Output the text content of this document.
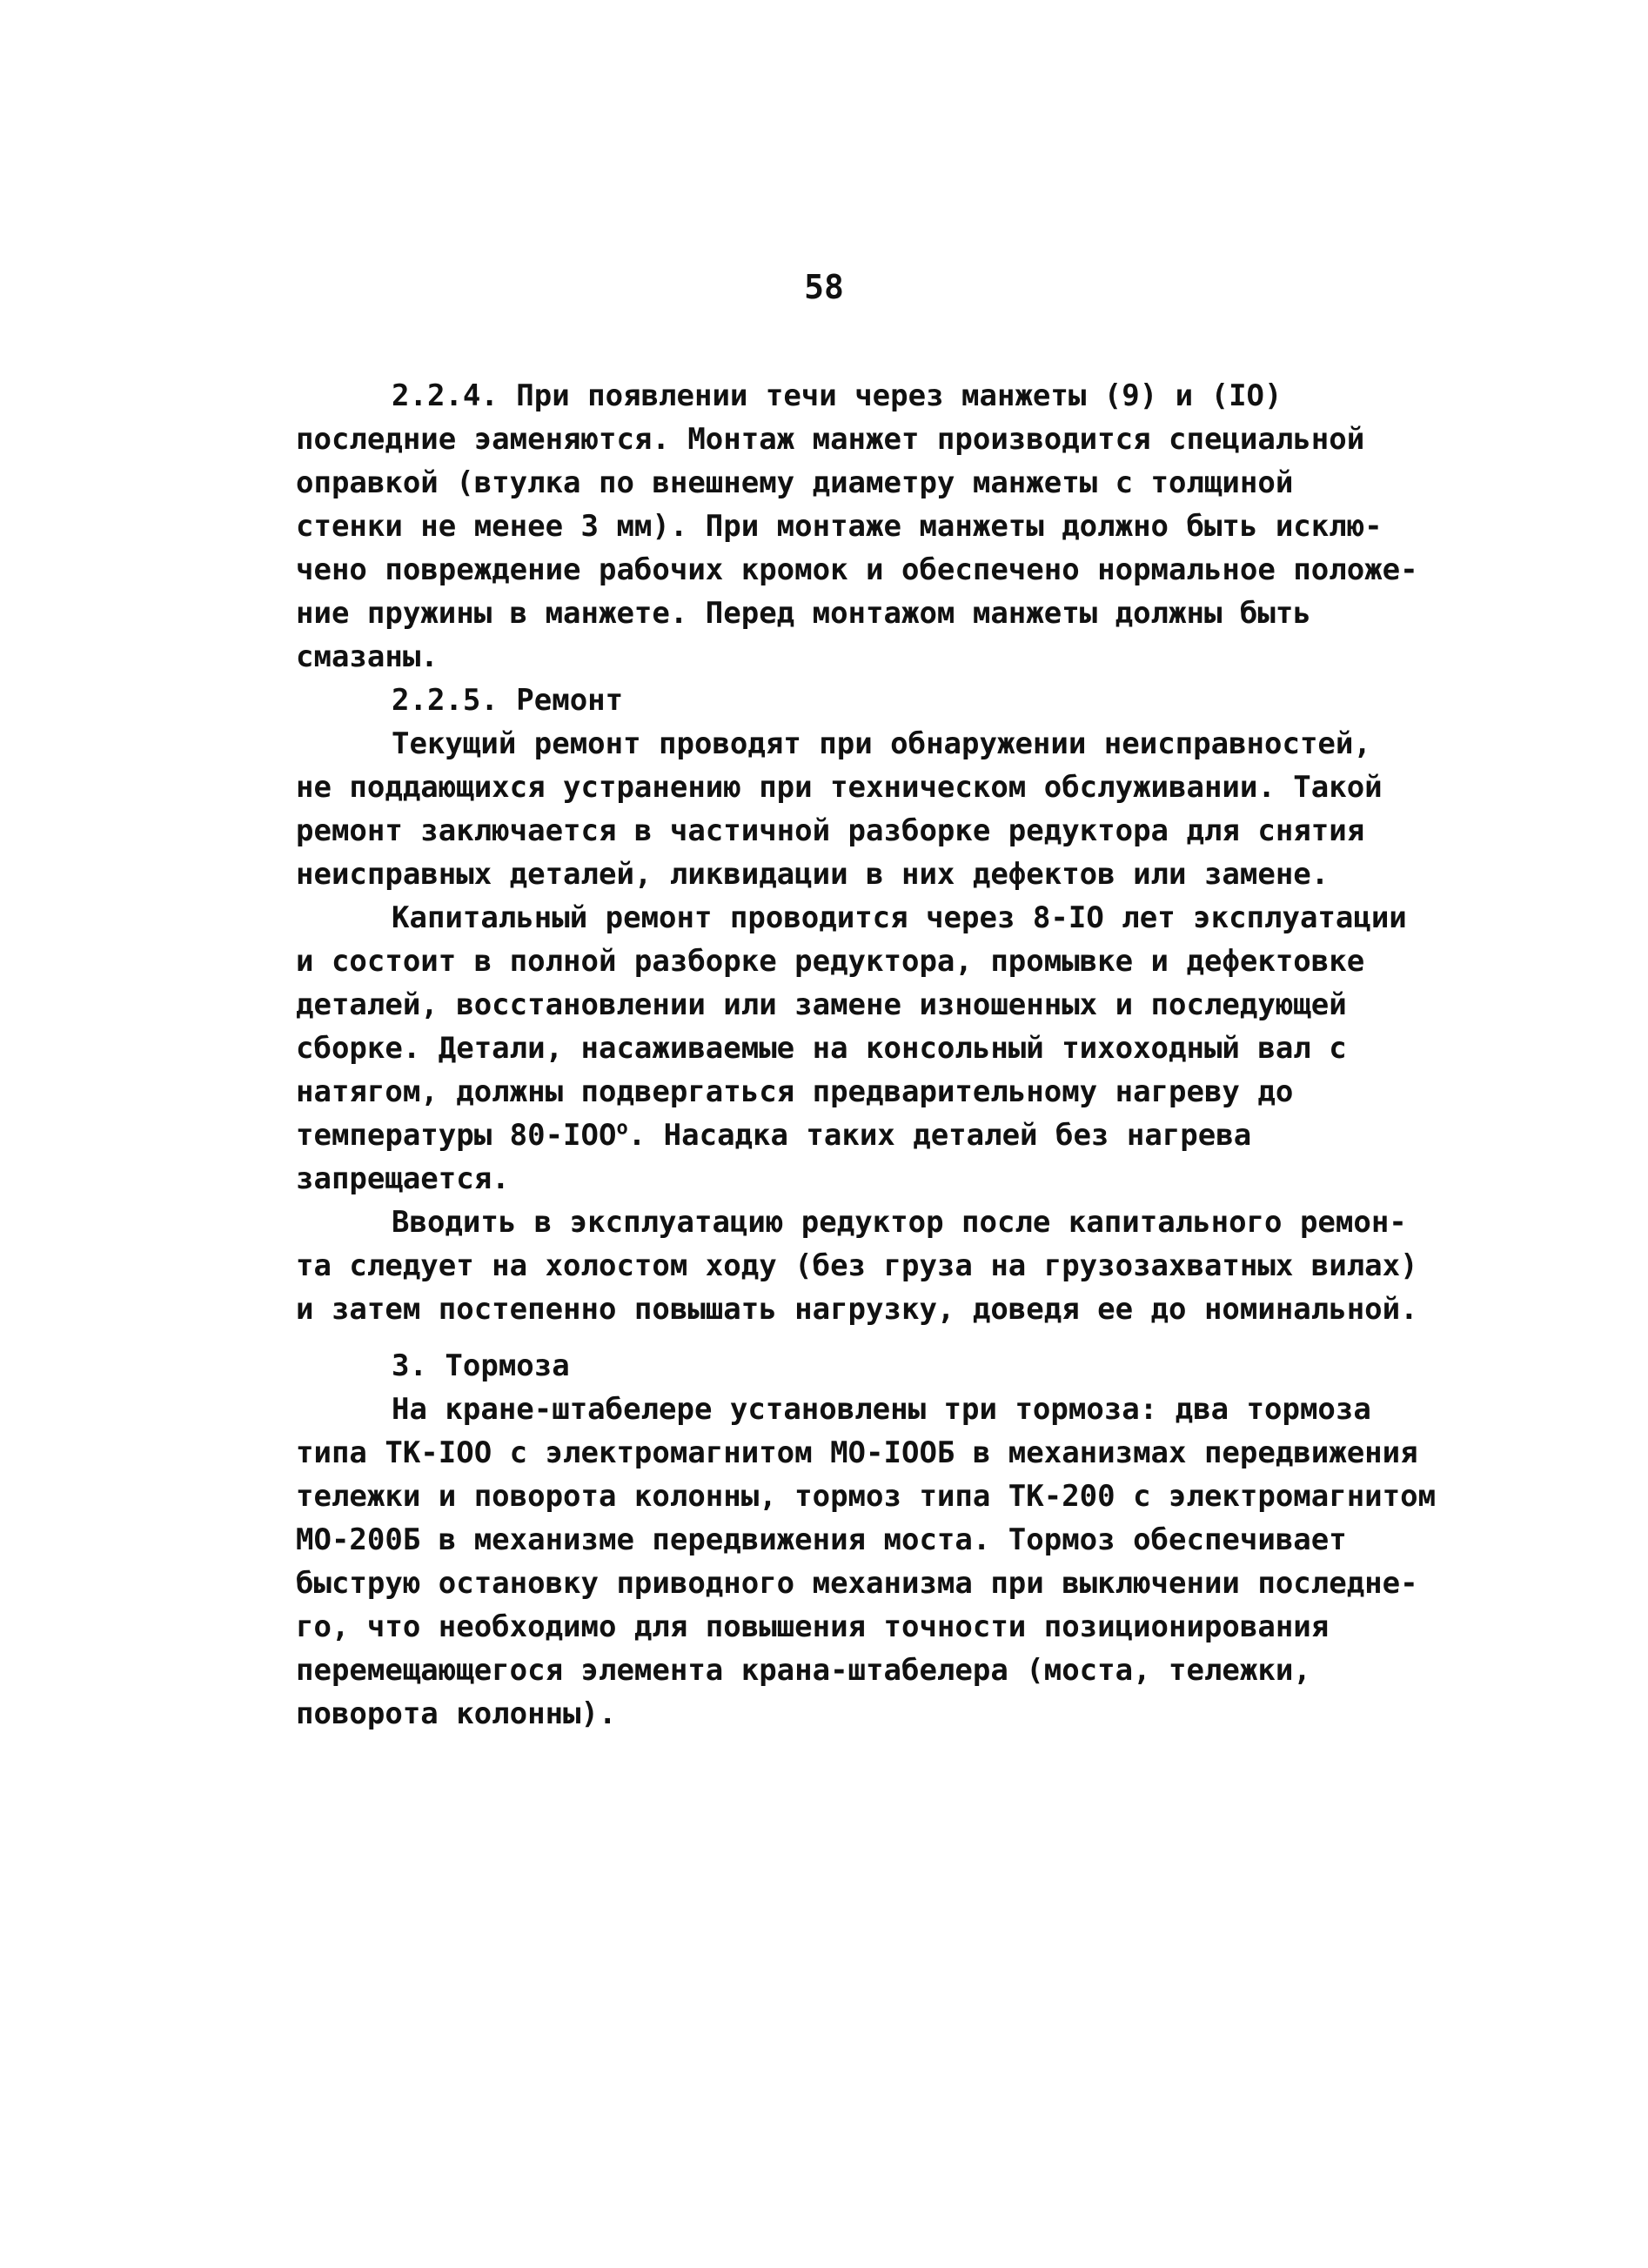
58
2.2.4. При появлении течи через манжеты (9) и (IO)
последние эаменяются. Монтаж манжет производится специальной
оправкой (втулка по внешнему диаметру манжеты с толщиной
стенки не менее 3 мм). При монтаже манжеты должно быть исклю-
чено повреждение рабочих кромок и обеспечено нормальное положе-
ние пружины в манжете. Перед монтажом манжеты должны быть
смазаны.
2.2.5. Ремонт
Текущий ремонт проводят при обнаружении неисправностей,
не поддающихся устранению при техническом обслуживании. Такой
ремонт заключается в частичной разборке редуктора для снятия
неисправных деталей, ликвидации в них дефектов или замене.
Капитальный ремонт проводится через 8-IO лет эксплуатации
и состоит в полной разборке редуктора, промывке и дефектовке
деталей, восстановлении или замене изношенных и последующей
сборке. Детали, насаживаемые на консольный тихоходный вал с
натягом, должны подвергаться предварительному нагреву до
температуры 80-IOO$^o$. Насадка таких деталей без нагрева
запрещается.
Вводить в эксплуатацию редуктор после капитального ремон-
та следует на холостом ходу (без груза на грузозахватных вилах)
и затем постепенно повышать нагрузку, доведя ее до номинальной.
3. Тормоза
На кране-штабелере установлены три тормоза: два тормоза
типа ТК-IOO с электромагнитом МО-IOOБ в механизмах передвижения
тележки и поворота колонны, тормоз типа ТК-200 с электромагнитом
МО-200Б в механизме передвижения моста. Тормоз обеспечивает
быструю остановку приводного механизма при выключении последне-
го, что необходимо для повышения точности позиционирования
перемещающегося элемента крана-штабелера (моста, тележки,
поворота колонны).
